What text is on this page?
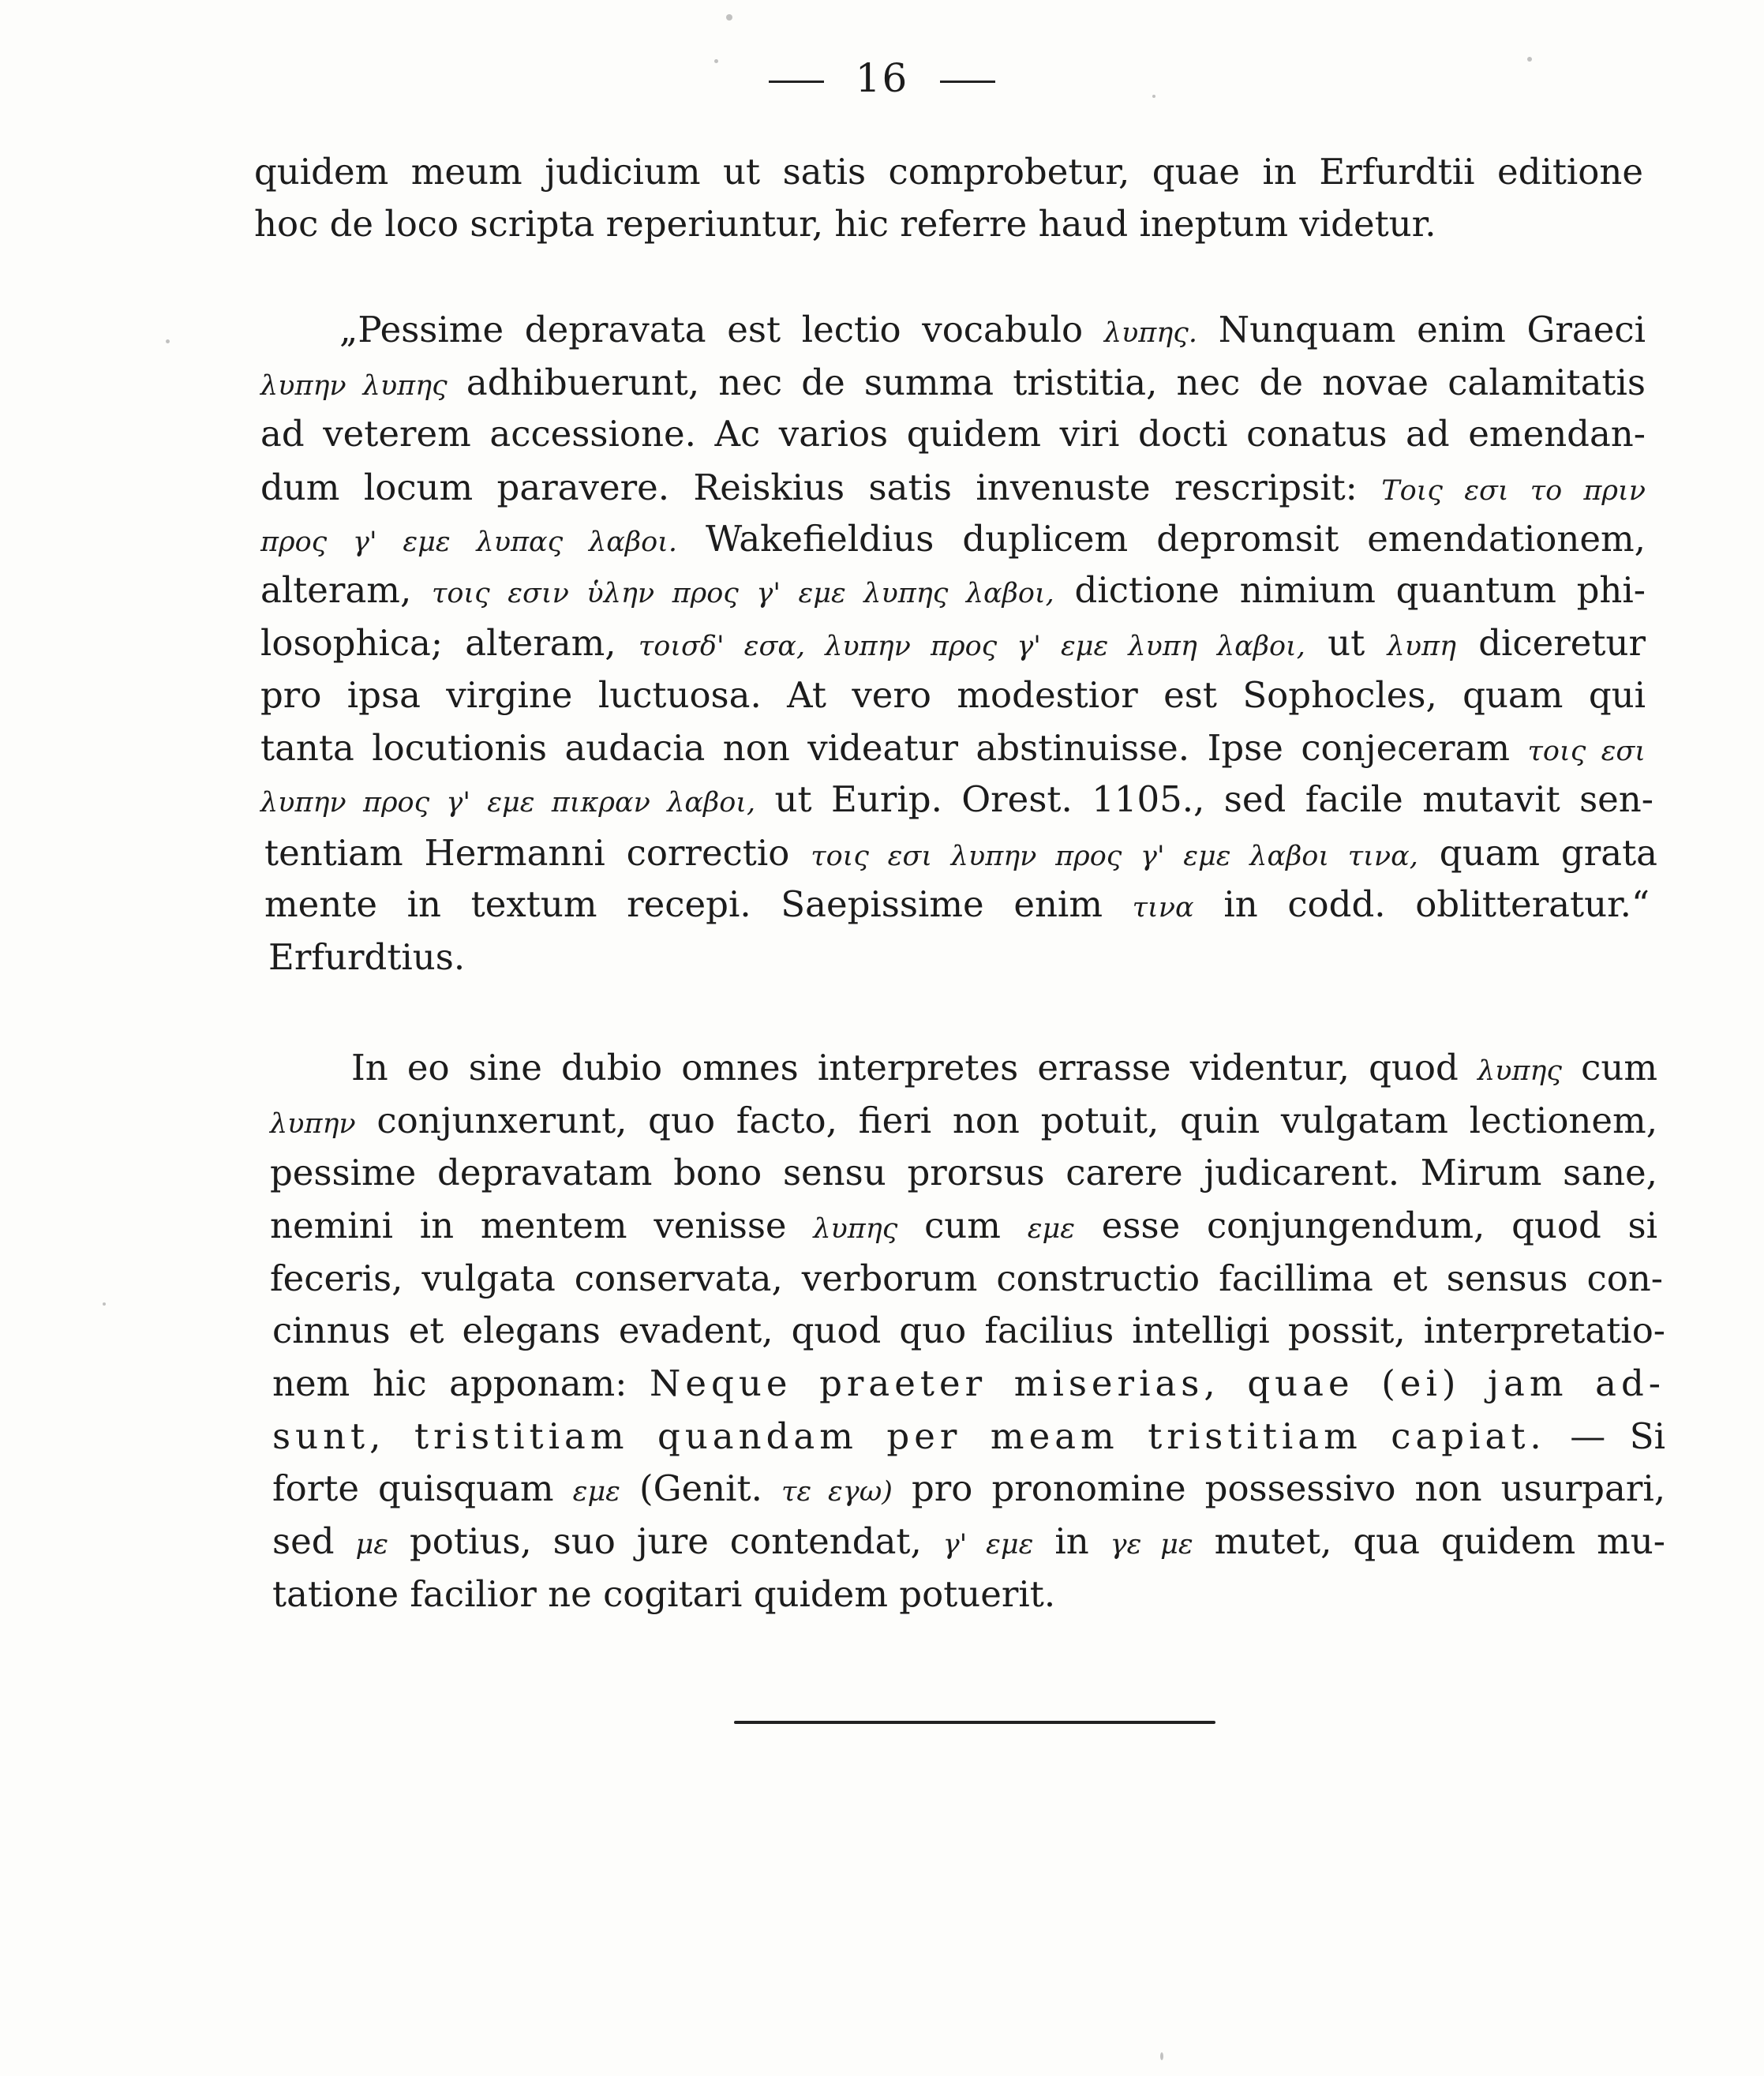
16
quidem meum judicium ut satis comprobetur, quae in Erfurdtii editione
hoc de loco scripta reperiuntur, hic referre haud ineptum videtur.
„Pessime depravata est lectio vocabulo λυπης. Nunquam enim Graeci
λυπην λυπης adhibuerunt, nec de summa tristitia, nec de novae calamitatis
ad veterem accessione. Ac varios quidem viri docti conatus ad emendan-
dum locum paravere. Reiskius satis invenuste rescripsit: Τοις εσι το πριν
προς γ' εμε λυπας λαβοι. Wakefieldius duplicem depromsit emendationem,
alteram, τοις εσιν ὑλην προς γ' εμε λυπης λαβοι, dictione nimium quantum phi-
losophica; alteram, τοισδ' εσα, λυπην προς γ' εμε λυπη λαβοι, ut λυπη diceretur
pro ipsa virgine luctuosa. At vero modestior est Sophocles, quam qui
tanta locutionis audacia non videatur abstinuisse. Ipse conjeceram τοις εσι
λυπην προς γ' εμε πικραν λαβοι, ut Eurip. Orest. 1105., sed facile mutavit sen-
tentiam Hermanni correctio τοις εσι λυπην προς γ' εμε λαβοι τινα, quam grata
mente in textum recepi. Saepissime enim τινα in codd. oblitteratur.“
Erfurdtius.
In eo sine dubio omnes interpretes errasse videntur, quod λυπης cum
λυπην conjunxerunt, quo facto, fieri non potuit, quin vulgatam lectionem,
pessime depravatam bono sensu prorsus carere judicarent. Mirum sane,
nemini in mentem venisse λυπης cum εμε esse conjungendum, quod si
feceris, vulgata conservata, verborum constructio facillima et sensus con-
cinnus et elegans evadent, quod quo facilius intelligi possit, interpretatio-
nem hic apponam: Neque praeter miserias, quae (ei) jam ad-
sunt, tristitiam quandam per meam tristitiam capiat. — Si
forte quisquam εμε (Genit. τε εγω) pro pronomine possessivo non usurpari,
sed με potius, suo jure contendat, γ' εμε in γε με mutet, qua quidem mu-
tatione facilior ne cogitari quidem potuerit.
